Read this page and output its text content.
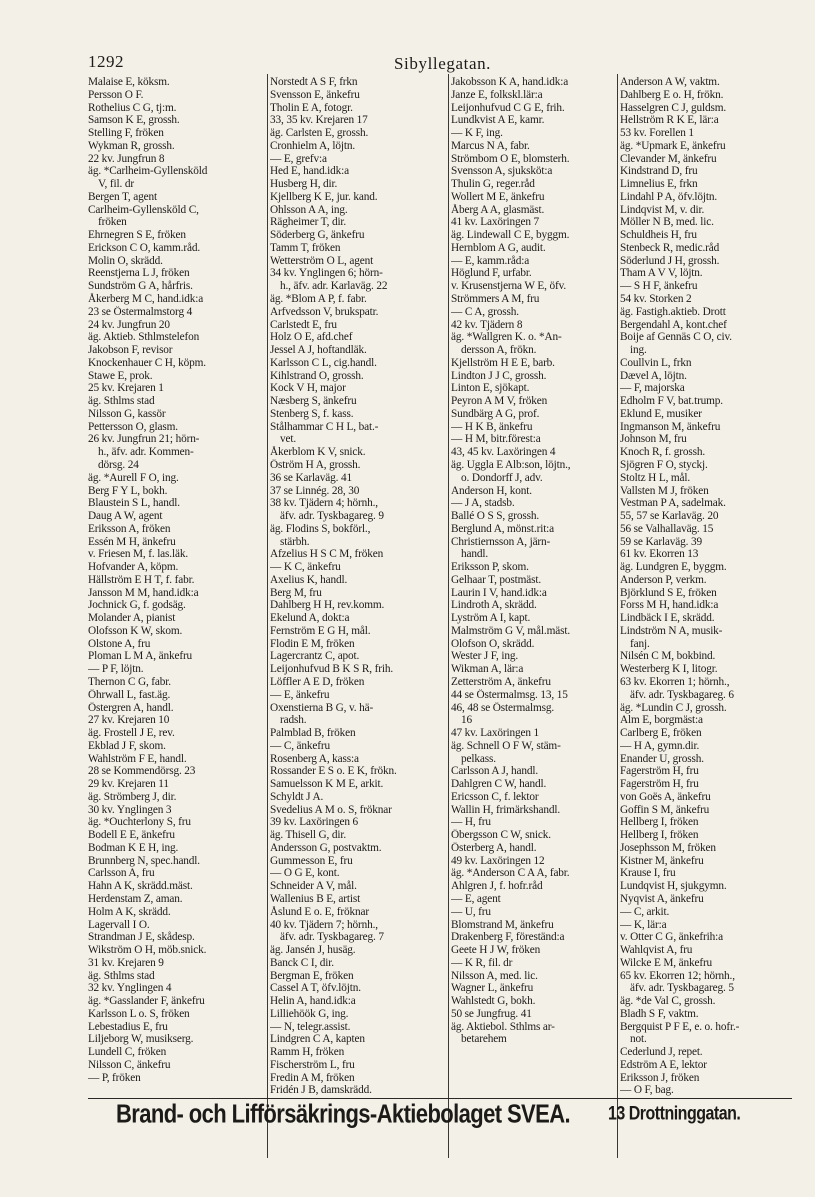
1292	Sibyllegatan.
Malaise E, köksm.
Persson O F.
Rothelius C G, tj:m.
Samson K E, grossh.
Stelling F, fröken
Wykman R, grossh.
22 kv. Jungfrun 8
äg. *Carlheim-Gyllensköld
V, fil. dr
Bergen T, agent
Carlheim-Gyllensköld C,
fröken
Ehrnegren S E, fröken
Erickson C O, kamm.råd.
Molin O, skrädd.
Reenstjerna L J, fröken
Sundström G A, hårfris.
Åkerberg M C, hand.idk:a
23 se Östermalmstorg 4
24 kv. Jungfrun 20
äg. Aktieb. Sthlmstelefon
Jakobson F, revisor
Knockenhauer C H, köpm.
Stawe E, prok.
25 kv. Krejaren 1
äg. Sthlms stad
Nilsson G, kassör
Pettersson O, glasm.
26 kv. Jungfrun 21; hörn-
h., äfv. adr. Kommen-
dörsg. 24
äg. *Aurell F O, ing.
Berg F Y L, bokh.
Blaustein S L, handl.
Daug A W, agent
Eriksson A, fröken
Essén M H, änkefru
v. Friesen M, f. las.läk.
Hofvander A, köpm.
Hällström E H T, f. fabr.
Jansson M M, hand.idk:a
Jochnick G, f. godsäg.
Molander A, pianist
Olofsson K W, skom.
Olstone A, fru
Ploman L M A, änkefru
— P F, löjtn.
Thernon C G, fabr.
Öhrwall L, fast.äg.
Östergren A, handl.
27 kv. Krejaren 10
äg. Frostell J E, rev.
Ekblad J F, skom.
Wahlström F E, handl.
28 se Kommendörsg. 23
29 kv. Krejaren 11
äg. Strömberg J, dir.
30 kv. Ynglingen 3
äg. *Ouchterlony S, fru
Bodell E E, änkefru
Bodman K E H, ing.
Brunnberg N, spec.handl.
Carlsson A, fru
Hahn A K, skrädd.mäst.
Herdenstam Z, aman.
Holm A K, skrädd.
Lagervall I O.
Strandman J E, skådesp.
Wikström O H, möb.snick.
31 kv. Krejaren 9
äg. Sthlms stad
32 kv. Ynglingen 4
äg. *Gasslander F, änkefru
Karlsson L o. S, fröken
Lebestadius E, fru
Liljeborg W, musikserg.
Lundell C, fröken
Nilsson C, änkefru
— P, fröken
Norstedt A S F, frkn
Svensson E, änkefru
Tholin E A, fotogr.
33, 35 kv. Krejaren 17
äg. Carlsten E, grossh.
Cronhielm A, löjtn.
— E, grefv:a
Hed E, hand.idk:a
Husberg H, dir.
Kjellberg K E, jur. kand.
Ohlsson A A, ing.
Rägheimer T, dir.
Söderberg G, änkefru
Tamm T, fröken
Wetterström O L, agent
34 kv. Ynglingen 6; hörn-
h., äfv. adr. Karlaväg. 22
äg. *Blom A P, f. fabr.
Arfvedsson V, brukspatr.
Carlstedt E, fru
Holz O E, afd.chef
Jessel A J, hoftandläk.
Karlsson C L, cig.handl.
Kihlstrand O, grossh.
Kock V H, major
Næsberg S, änkefru
Stenberg S, f. kass.
Stålhammar C H L, bat.-
vet.
Åkerblom K V, snick.
Öström H A, grossh.
36 se Karlaväg. 41
37 se Linnég. 28, 30
38 kv. Tjädern 4; hörnh.,
äfv. adr. Tyskbagareg. 9
äg. Flodins S, bokförl.,
stärbh.
Afzelius H S C M, fröken
— K C, änkefru
Axelius K, handl.
Berg M, fru
Dahlberg H H, rev.komm.
Ekelund A, dokt:a
Fernström E G H, mål.
Flodin E M, fröken
Lagercrantz C, apot.
Leijonhufvud B K S R, frih.
Löffler A E D, fröken
— E, änkefru
Oxenstierna B G, v. hä-
radsh.
Palmblad B, fröken
— C, änkefru
Rosenberg A, kass:a
Rossander E S o. E K, frökn.
Samuelsson K M E, arkit.
Schyldt J A.
Svedelius A M o. S, fröknar
39 kv. Laxöringen 6
äg. Thisell G, dir.
Andersson G, postvaktm.
Gummesson E, fru
— O G E, kont.
Schneider A V, mål.
Wallenius B E, artist
Åslund E o. E, fröknar
40 kv. Tjädern 7; hörnh.,
äfv. adr. Tyskbagareg. 7
äg. Jansén J, husäg.
Banck C I, dir.
Bergman E, fröken
Cassel A T, öfv.löjtn.
Helin A, hand.idk:a
Lilliehöök G, ing.
— N, telegr.assist.
Lindgren C A, kapten
Ramm H, fröken
Fischerström L, fru
Fredin A M, fröken
Fridén J B, damskrädd.
Jakobsson K A, hand.idk:a
Janze E, folkskl.lär:a
Leijonhufvud C G E, frih.
Lundkvist A E, kamr.
— K F, ing.
Marcus N A, fabr.
Strömbom O E, blomsterh.
Svensson A, sjuksköt:a
Thulin G, reger.råd
Wollert M E, änkefru
Åberg A A, glasmäst.
41 kv. Laxöringen 7
äg. Lindewall C E, byggm.
Hernblom A G, audit.
— E, kamm.råd:a
Höglund F, urfabr.
v. Krusenstjerna W E, öfv.
Strömmers A M, fru
— C A, grossh.
42 kv. Tjädern 8
äg. *Wallgren K. o. *An-
dersson A, frökn.
Kjellström H E E, barb.
Lindton J J C, grossh.
Linton E, sjökapt.
Peyron A M V, fröken
Sundbärg A G, prof.
— H K B, änkefru
— H M, bitr.förest:a
43, 45 kv. Laxöringen 4
äg. Uggla E Alb:son, löjtn.,
o. Dondorff J, adv.
Anderson H, kont.
— J A, stadsb.
Ballé O S S, grossh.
Berglund A, mönst.rit:a
Christiernsson A, järn-
handl.
Eriksson P, skom.
Gelhaar T, postmäst.
Laurin I V, hand.idk:a
Lindroth A, skrädd.
Lyström A I, kapt.
Malmström G V, mål.mäst.
Olofson O, skrädd.
Wester J F, ing.
Wikman A, lär:a
Zetterström A, änkefru
44 se Östermalmsg. 13, 15
46, 48 se Östermalmsg.
16
47 kv. Laxöringen 1
äg. Schnell O F W, stäm-
pelkass.
Carlsson A J, handl.
Dahlgren C W, handl.
Ericsson C, f. lektor
Wallin H, frimärkshandl.
— H, fru
Öbergsson C W, snick.
Österberg A, handl.
49 kv. Laxöringen 12
äg. *Anderson C A A, fabr.
Ahlgren J, f. hofr.råd
— E, agent
— U, fru
Blomstrand M, änkefru
Drakenberg F, föreständ:a
Geete H J W, fröken
— K R, fil. dr
Nilsson A, med. lic.
Wagner L, änkefru
Wahlstedt G, bokh.
50 se Jungfrug. 41
äg. Aktiebol. Sthlms ar-
betarehem
Anderson A W, vaktm.
Dahlberg E o. H, frökn.
Hasselgren C J, guldsm.
Hellström R K E, lär:a
53 kv. Forellen 1
äg. *Upmark E, änkefru
Clevander M, änkefru
Kindstrand D, fru
Limnelius E, frkn
Lindahl P A, öfv.löjtn.
Lindqvist M, v. dir.
Möller N B, med. lic.
Schuldheis H, fru
Stenbeck R, medic.råd
Söderlund J H, grossh.
Tham A V V, löjtn.
— S H F, änkefru
54 kv. Storken 2
äg. Fastigh.aktieb. Drott
Bergendahl A, kont.chef
Boije af Gennäs C O, civ.
ing.
Coullvin L, frkn
Dævel A, löjtn.
— F, majorska
Edholm F V, bat.trump.
Eklund E, musiker
Ingmanson M, änkefru
Johnson M, fru
Knoch R, f. grossh.
Sjögren F O, styckj.
Stoltz H L, mål.
Vallsten M J, fröken
Vestman P A, sadelmak.
55, 57 se Karlaväg. 20
56 se Valhallaväg. 15
59 se Karlaväg. 39
61 kv. Ekorren 13
äg. Lundgren E, byggm.
Anderson P, verkm.
Björklund S E, fröken
Forss M H, hand.idk:a
Lindbäck I E, skrädd.
Lindström N A, musik-
fanj.
Nilsén C M, bokbind.
Westerberg K I, litogr.
63 kv. Ekorren 1; hörnh.,
äfv. adr. Tyskbagareg. 6
äg. *Lundin C J, grossh.
Alm E, borgmäst:a
Carlberg E, fröken
— H A, gymn.dir.
Enander U, grossh.
Fagerström H, fru
Fagerström H, fru
von Goës A, änkefru
Goffin S M, änkefru
Hellberg I, fröken
Hellberg I, fröken
Josephsson M, fröken
Kistner M, änkefru
Krause I, fru
Lundqvist H, sjukgymn.
Nyqvist A, änkefru
— C, arkit.
— K, lär:a
v. Otter C G, änkefrih:a
Wahlqvist A, fru
Wilcke E M, änkefru
65 kv. Ekorren 12; hörnh.,
äfv. adr. Tyskbagareg. 5
äg. *de Val C, grossh.
Bladh S F, vaktm.
Bergquist P F E, e. o. hofr.-
not.
Cederlund J, repet.
Edström A E, lektor
Eriksson J, fröken
— O F, bag.
Brand- och Lifförsäkrings-Aktiebolaget SVEA. 13 Drottninggatan.
